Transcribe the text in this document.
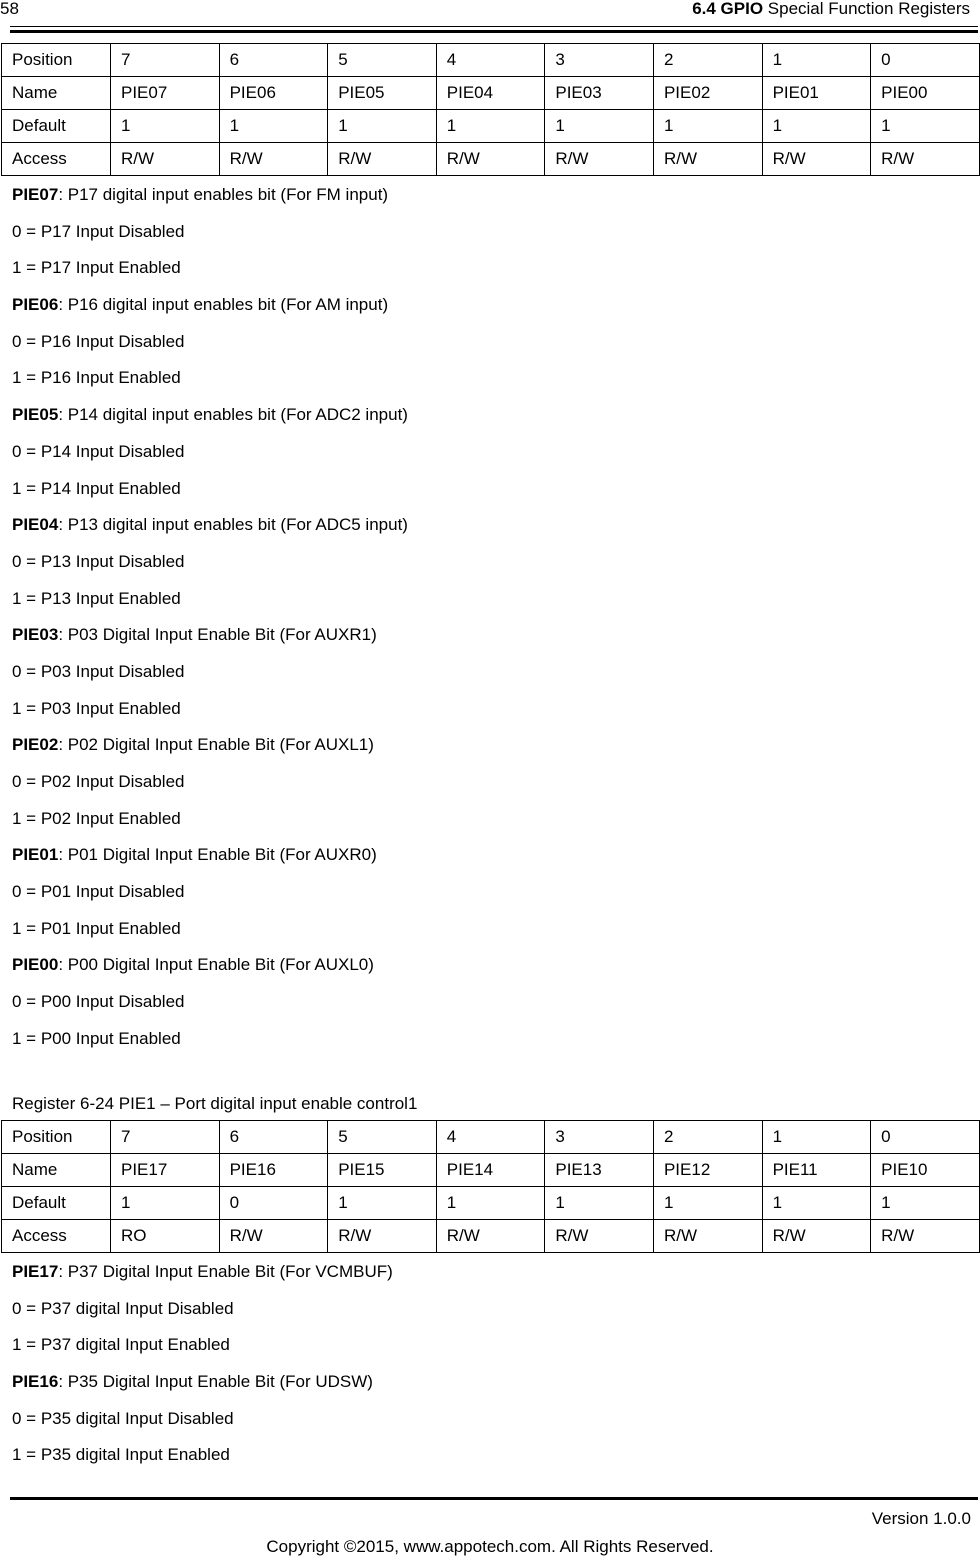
58	6.4 GPIO Special Function Registers
Position	7	6	5	4	3	2	1	0
Name	PIE07	PIE06	PIE05	PIE04	PIE03	PIE02	PIE01	PIE00
Default	1	1	1	1	1	1	1	1
Access	R/W	R/W	R/W	R/W	R/W	R/W	R/W	R/W

PIE07: P17 digital input enables bit (For FM input)

0 = P17 Input Disabled

1 = P17 Input Enabled

PIE06: P16 digital input enables bit (For AM input)

0 = P16 Input Disabled

1 = P16 Input Enabled

PIE05: P14 digital input enables bit (For ADC2 input)

0 = P14 Input Disabled

1 = P14 Input Enabled

PIE04: P13 digital input enables bit (For ADC5 input)

0 = P13 Input Disabled

1 = P13 Input Enabled

PIE03: P03 Digital Input Enable Bit (For AUXR1)

0 = P03 Input Disabled

1 = P03 Input Enabled

PIE02: P02 Digital Input Enable Bit (For AUXL1)

0 = P02 Input Disabled

1 = P02 Input Enabled

PIE01: P01 Digital Input Enable Bit (For AUXR0)

0 = P01 Input Disabled

1 = P01 Input Enabled

PIE00: P00 Digital Input Enable Bit (For AUXL0)

0 = P00 Input Disabled

1 = P00 Input Enabled

Register 6-24 PIE1 – Port digital input enable control1
Position	7	6	5	4	3	2	1	0
Name	PIE17	PIE16	PIE15	PIE14	PIE13	PIE12	PIE11	PIE10
Default	1	0	1	1	1	1	1	1
Access	RO	R/W	R/W	R/W	R/W	R/W	R/W	R/W

PIE17: P37 Digital Input Enable Bit (For VCMBUF)

0 = P37 digital Input Disabled

1 = P37 digital Input Enabled

PIE16: P35 Digital Input Enable Bit (For UDSW)

0 = P35 digital Input Disabled

1 = P35 digital Input Enabled

Version 1.0.0
Copyright ©2015, www.appotech.com. All Rights Reserved.
